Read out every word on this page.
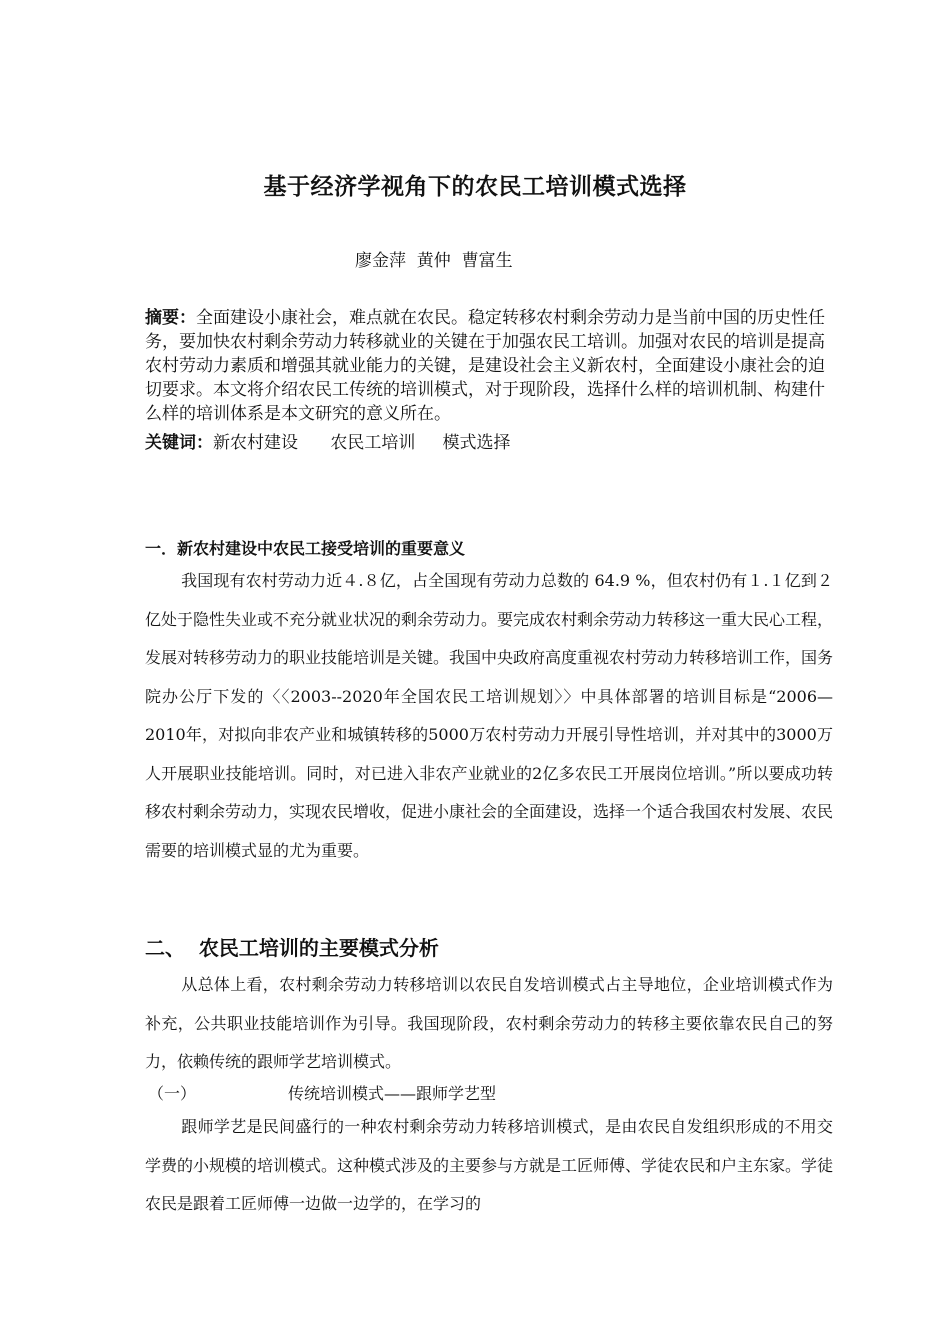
基于经济学视角下的农民工培训模式选择
廖金萍  黄仲  曹富生
摘要：全面建设小康社会，难点就在农民。稳定转移农村剩余劳动力是当前中国的历史性任务，要加快农村剩余劳动力转移就业的关键在于加强农民工培训。加强对农民的培训是提高农村劳动力素质和增强其就业能力的关键，是建设社会主义新农村，全面建设小康社会的迫切要求。本文将介绍农民工传统的培训模式，对于现阶段，选择什么样的培训机制、构建什么样的培训体系是本文研究的意义所在。
关键词：新农村建设      农民工培训     模式选择
一．新农村建设中农民工接受培训的重要意义
我国现有农村劳动力近４.８亿，占全国现有劳动力总数的 64.9 %，但农村仍有１.１亿到２亿处于隐性失业或不充分就业状况的剩余劳动力。要完成农村剩余劳动力转移这一重大民心工程，发展对转移劳动力的职业技能培训是关键。我国中央政府高度重视农村劳动力转移培训工作，国务院办公厅下发的〈〈2003--2020年全国农民工培训规划〉〉中具体部署的培训目标是“2006—2010年，对拟向非农产业和城镇转移的5000万农村劳动力开展引导性培训，并对其中的3000万人开展职业技能培训。同时，对已进入非农产业就业的2亿多农民工开展岗位培训。”所以要成功转移农村剩余劳动力，实现农民增收，促进小康社会的全面建设，选择一个适合我国农村发展、农民需要的培训模式显的尤为重要。
二、  农民工培训的主要模式分析
从总体上看，农村剩余劳动力转移培训以农民自发培训模式占主导地位，企业培训模式作为补充，公共职业技能培训作为引导。我国现阶段，农村剩余劳动力的转移主要依靠农民自己的努力，依赖传统的跟师学艺培训模式。
（一）	传统培训模式——跟师学艺型
跟师学艺是民间盛行的一种农村剩余劳动力转移培训模式，是由农民自发组织形成的不用交学费的小规模的培训模式。这种模式涉及的主要参与方就是工匠师傅、学徒农民和户主东家。学徒农民是跟着工匠师傅一边做一边学的，在学习的
